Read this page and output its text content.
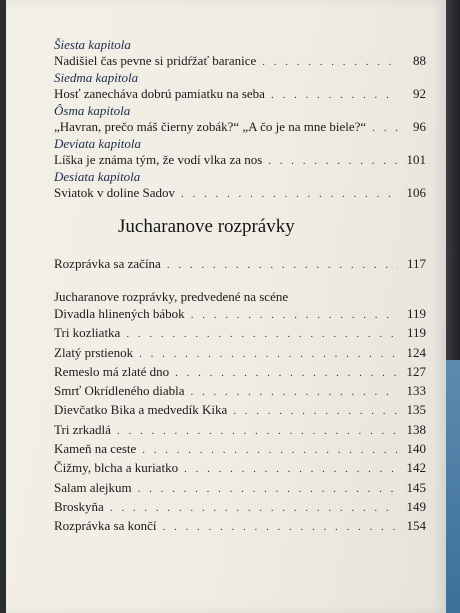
Šiesta kapitola
Nadišiel čas pevne si pridŕžať baranice . . .	88
Siedma kapitola
Hosť zanecháva dobrú pamiatku na seba . . .	92
Ôsma kapitola
„Havran, prečo máš čierny zobák?“ „A čo je na mne biele?“ . . .	96
Deviata kapitola
Líška je známa tým, že vodí vlka za nos . . .	101
Desiata kapitola
Sviatok v doline Sadov . . .	106
Jucharanove rozprávky
Rozprávka sa začína . . .	117
Jucharanove rozprávky, predvedené na scéne
Divadla hlinených bábok . . .	119
Tri kozliatka . . .	119
Zlatý prstienok . . .	124
Remeslo má zlaté dno . . .	127
Smrť Okrídleného diabla . . .	133
Dievčatko Bika a medvedík Kika . . .	135
Tri zrkadlá . . .	138
Kameň na ceste . . .	140
Čižmy, blcha a kuriatko . . .	142
Salam alejkum . . .	145
Broskyňa . . .	149
Rozprávka sa končí . . .	154
